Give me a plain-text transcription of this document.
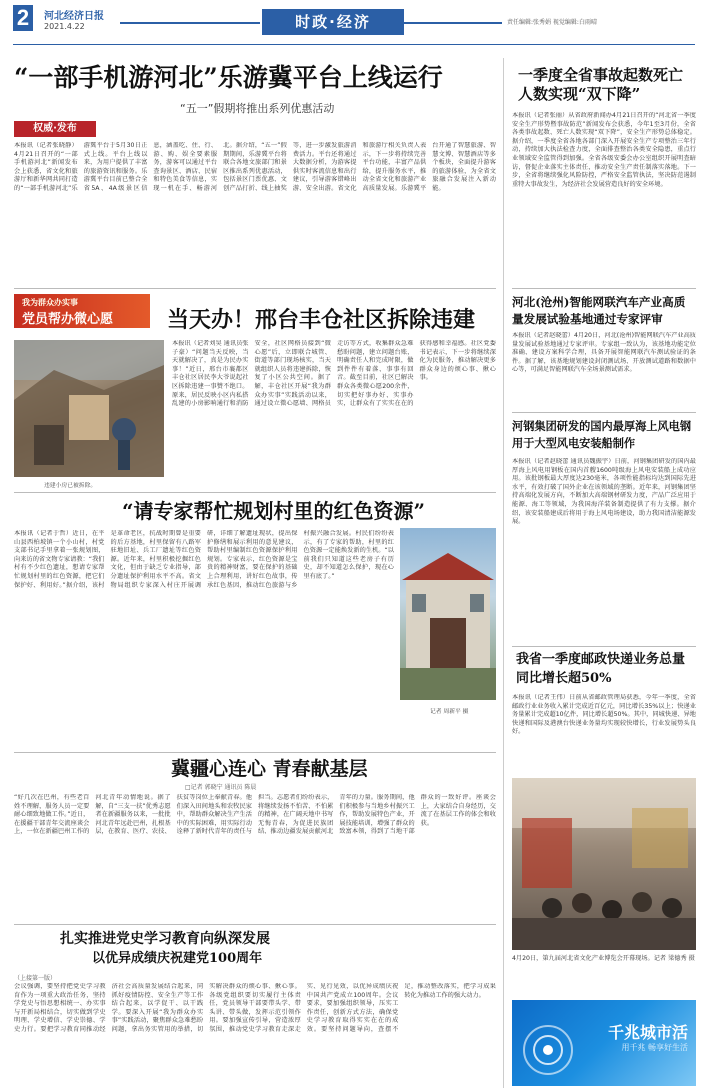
2	河北经济日报
2021.4.22	时政·经济	责任编辑:张秀娟 视觉编辑:白雨晴
“一部手机游河北”乐游冀平台上线运行
“五一”假期将推出系列优惠活动
权威·发布
本报讯（记者张晓静）4月21日召开的“一部手机游河北”新闻发布会上获悉，省文化和旅游厅和新华网共同打造的“一部手机游河北”乐游冀平台于5月30日正式上线。平台上线以来，为用户提供了丰富的旅游资讯和服务。乐游冀平台目前已整合全省5A、4A级景区信息，涵盖吃、住、行、游、购、娱全要素服务，游客可以通过平台查询景区、酒店、民宿和特色美食等信息，实现一机在手、畅游河北。据介绍，“五一”假期期间，乐游冀平台将联合各地文旅部门和景区推出系列优惠活动，包括景区门票优惠、文创产品打折、线上抽奖等，进一步激发旅游消费活力。平台还将通过大数据分析，为游客提供实时客流信息和出行建议，引导游客错峰出游、安全出游。省文化和旅游厅相关负责人表示，下一步将持续完善平台功能，丰富产品供给，提升服务水平，推动全省文化和旅游产业高质量发展。乐游冀平台开通了智慧旅游、智慧文博、智慧酒店等多个板块，全面提升游客的旅游体验，为全省文旅融合发展注入新动能。
我为群众办实事
党员帮办微心愿 当天办！邢台丰仓社区拆除违建
违建小房已被拆除。
本报讯（记者刘昊 通讯员张子豪）“问题当天反映，当天就解决了，真是为民办实事！”近日，邢台市襄都区丰仓社区居民李大爷说起社区拆除违建一事赞不绝口。原来，居民反映小区内私搭乱建的小房影响通行和消防安全，社区网格员接到“微心愿”后，立即联合城管、街道等部门现场核实，当天就组织人员将违建拆除，恢复了小区公共空间。据了解，丰仓社区开展“我为群众办实事”实践活动以来，通过设立微心愿墙、网格员走访等方式，收集群众急难愁盼问题，建立问题台账，明确责任人和完成时限，做到件件有着落、事事有回音。截至目前，社区已解决群众各类微心愿200余件，切实把好事办好、实事办实，让群众有了实实在在的获得感和幸福感。社区党委书记表示，下一步将继续深化为民服务，推动解决更多群众身边的烦心事、揪心事。
“请专家帮忙规划村里的红色资源”
本报讯（记者于哲）近日，在平山县西柏坡镇一个小山村，村党支部书记手里拿着一张规划图，向来访的省文物专家请教：“我们村有不少红色遗址，想请专家帮忙规划村里的红色资源，把它们保护好、利用好。”据介绍，该村是革命老区，抗战时期曾是重要的后方基地，村里保留有八路军驻地旧址、兵工厂遗址等红色资源。近年来，村里积极挖掘红色文化，但由于缺乏专业指导，部分遗址保护利用水平不高。省文物局组织专家深入村庄开展调研，详细了解遗址现状，提出保护修缮和展示利用的意见建议，帮助村里编制红色资源保护利用规划。专家表示，红色资源是宝贵的精神财富，要在保护的基础上合理利用，讲好红色故事，传承红色基因，推动红色旅游与乡村振兴融合发展。村民们纷纷表示，有了专家的帮助，村里的红色资源一定能焕发新的生机。“以前我们只知道这些老房子有历史，却不知道怎么保护，现在心里有底了。”
记者 周新平 摄
冀疆心连心 青春献基层
□记者 郭晓宁 通讯员 陈晨
“好几次在巴州，有些老百姓不理解，服务人员一定要耐心细致地做工作。”近日，在援疆干部青年交流座谈会上，一位在新疆巴州工作的河北青年动情地说。据了解，自“三支一扶”优秀志愿者在新疆服务以来，一批批河北青年远赴巴州，扎根基层，在教育、医疗、农技、扶贫等岗位上奉献青春。他们深入田间地头和农牧民家中，帮助群众解决生产生活中的实际困难，用实际行动诠释了新时代青年的责任与担当。志愿者们纷纷表示，将继续发扬不怕苦、不怕累的精神，在广阔天地中书写无悔青春，为促进民族团结、推动边疆发展贡献河北青年的力量。服务期间，他们积极参与当地乡村振兴工作，帮助发展特色产业，开展技能培训，增强了群众的致富本领，得到了当地干部群众的一致好评。座谈会上，大家结合自身经历，交流了在基层工作的体会和收获。
扎实推进党史学习教育向纵深发展
以优异成绩庆祝建党100周年
（上接第一版）
会议强调，要坚持把党史学习教育作为一项重大政治任务，坚持学党史与悟思想相统一、办实事与开新局相结合，切实做到学史明理、学史增信、学史崇德、学史力行。要把学习教育同推动经济社会高质量发展结合起来，同抓好疫情防控、安全生产等工作结合起来，以学促干、以干践学。要深入开展“我为群众办实事”实践活动，聚焦群众急难愁盼问题，拿出务实管用的举措，切实解决群众的烦心事、揪心事。各级党组织要切实履行主体责任，党员领导干部要带头学、带头讲、带头做，发挥示范引领作用。要加强宣传引导，营造浓厚氛围，推动党史学习教育走深走实、见行见效，以优异成绩庆祝中国共产党成立100周年。会议要求，要加强组织领导，压实工作责任，创新方式方法，确保党史学习教育取得实实在在的成效。要坚持问题导向，查摆不足，推动整改落实，把学习成果转化为推动工作的强大动力。
一季度全省事故起数死亡人数实现“双下降”
本报讯（记者张丽）从省政府新闻办4月21日召开的“河北省一季度安全生产形势暨事故防范”新闻发布会获悉，今年1至3月份，全省各类事故起数、死亡人数实现“双下降”，安全生产形势总体稳定。据介绍，一季度全省各地各部门深入开展安全生产专项整治三年行动，持续加大执法检查力度，全面排查整治各类安全隐患，重点行业领域安全监管得到加强。全省各级安委会办公室组织开展明查暗访，督促企业落实主体责任，推动安全生产责任制落实落地。下一步，全省将继续强化风险防控，严格安全监管执法，坚决防范遏制重特大事故发生，为经济社会发展营造良好的安全环境。
河北(沧州)智能网联汽车产业高质量发展试验基地通过专家评审
本报讯（记者赵晓蕾）4月20日，河北(沧州)智能网联汽车产业高质量发展试验基地通过专家评审。专家组一致认为，该基地功能定位准确、建设方案科学合理，具备开展智能网联汽车测试验证的条件。据了解，该基地规划建设封闭测试场、开放测试道路和数据中心等，可满足智能网联汽车全场景测试需求。
河钢集团研发的国内最厚海上风电钢用于大型风电安装船制作
本报讯（记者赵晓蕾 通讯员魏振宇）日前，河钢集团研发的国内最厚海上风电用钢板在国内首艘1600吨级海上风电安装船上成功应用。该批钢板最大厚度达230毫米，各项性能指标均达到国际先进水平，有效打破了国外企业在该领域的垄断。近年来，河钢集团坚持高端化发展方向，不断加大高端钢材研发力度，产品广泛应用于能源、海工等领域，为我国海洋装备制造提供了有力支撑。据介绍，该安装船建成后将用于海上风电场建设，助力我国清洁能源发展。
我省一季度邮政快递业务总量同比增长超50%
本报讯（记者王伟）日前从省邮政管理局获悉，今年一季度，全省邮政行业业务收入累计完成近百亿元，同比增长35%以上；快递业务量累计完成超10亿件，同比增长超50%。其中，同城快递、异地快递和国际及港澳台快递业务量均实现较快增长，行业发展势头良好。
4月20日，第九届河北省文化产业博览会开幕现场。记者 梁德秀 摄
千兆城市活
用千兆 畅享好生活
